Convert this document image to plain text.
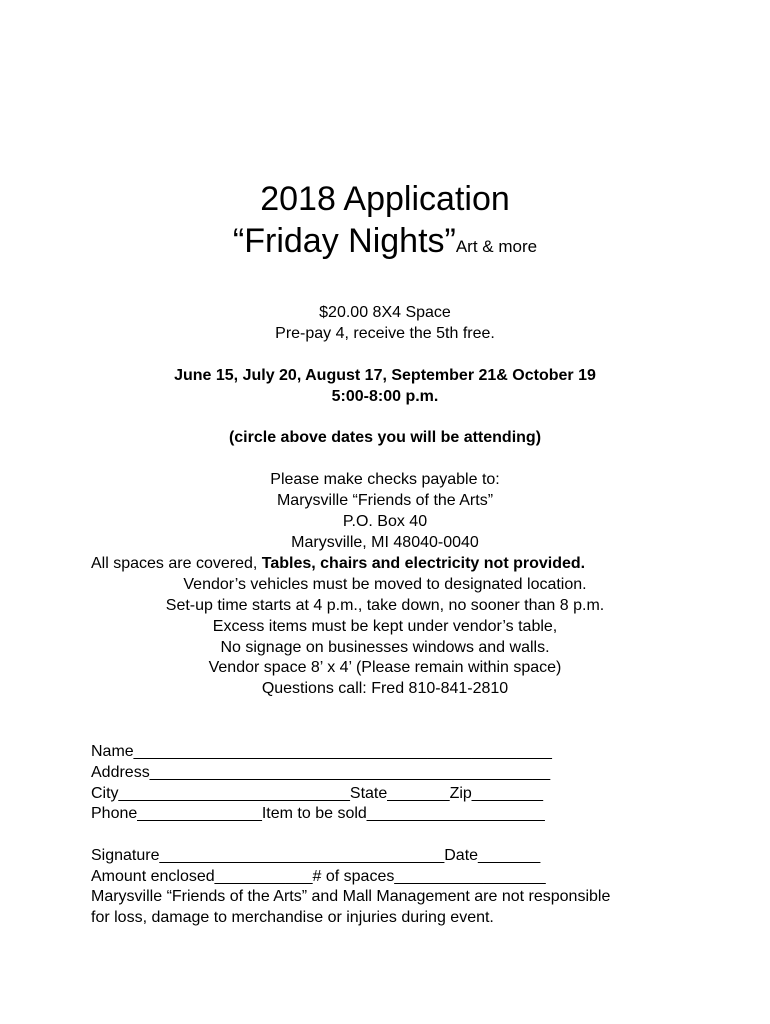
2018 Application
“Friday Nights”Art & more
$20.00 8X4 Space
Pre-pay 4, receive the 5th free.
June 15, July 20, August 17, September 21& October 19
5:00-8:00 p.m.
(circle above dates you will be attending)
Please make checks payable to:
Marysville “Friends of the Arts”
P.O. Box 40
Marysville, MI 48040-0040
All spaces are covered, Tables, chairs and electricity not provided.
Vendor’s vehicles must be moved to designated location.
Set-up time starts at 4 p.m., take down, no sooner than 8 p.m.
Excess items must be kept under vendor’s table,
No signage on businesses windows and walls.
Vendor space 8’ x 4’ (Please remain within space)
Questions call: Fred 810-841-2810
Name_______________________________________________
Address_____________________________________________
City__________________________State_______Zip________
Phone______________Item to be sold____________________
Signature________________________________Date_______
Amount enclosed___________# of spaces_________________
Marysville “Friends of the Arts” and Mall Management are not responsible
for loss, damage to merchandise or injuries during event.
